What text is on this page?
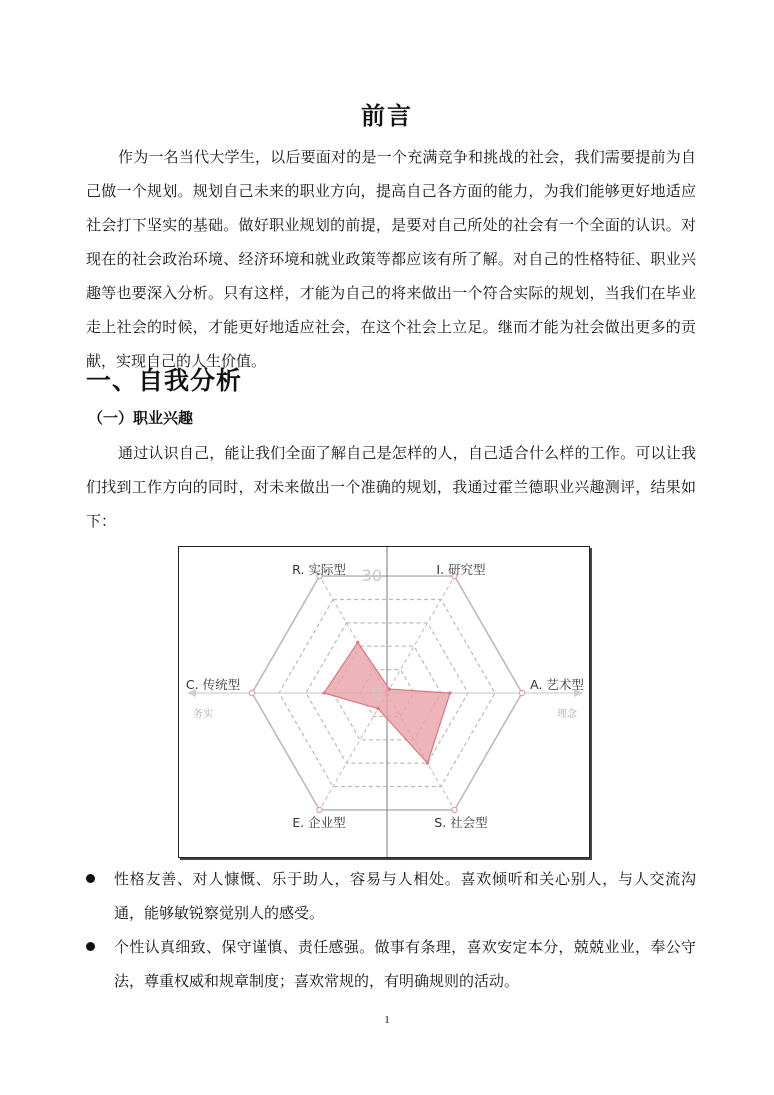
前言
作为一名当代大学生，以后要面对的是一个充满竞争和挑战的社会，我们需要提前为自己做一个规划。规划自己未来的职业方向，提高自己各方面的能力，为我们能够更好地适应社会打下坚实的基础。做好职业规划的前提，是要对自己所处的社会有一个全面的认识。对现在的社会政治环境、经济环境和就业政策等都应该有所了解。对自己的性格特征、职业兴趣等也要深入分析。只有这样，才能为自己的将来做出一个符合实际的规划，当我们在毕业走上社会的时候，才能更好地适应社会，在这个社会上立足。继而才能为社会做出更多的贡献，实现自己的人生价值。
一、自我分析
（一）职业兴趣
通过认识自己，能让我们全面了解自己是怎样的人，自己适合什么样的工作。可以让我们找到工作方向的同时，对未来做出一个准确的规划，我通过霍兰德职业兴趣测评，结果如下：
R. 实际型	I. 研究型
A. 艺术型
S. 社会型
E. 企业型
C. 传统型	0
30
务实	理念
性格友善、对人慷慨、乐于助人，容易与人相处。喜欢倾听和关心别人，与人交流沟通，能够敏锐察觉别人的感受。
个性认真细致、保守谨慎、责任感强。做事有条理，喜欢安定本分，兢兢业业，奉公守法，尊重权威和规章制度；喜欢常规的，有明确规则的活动。
1
